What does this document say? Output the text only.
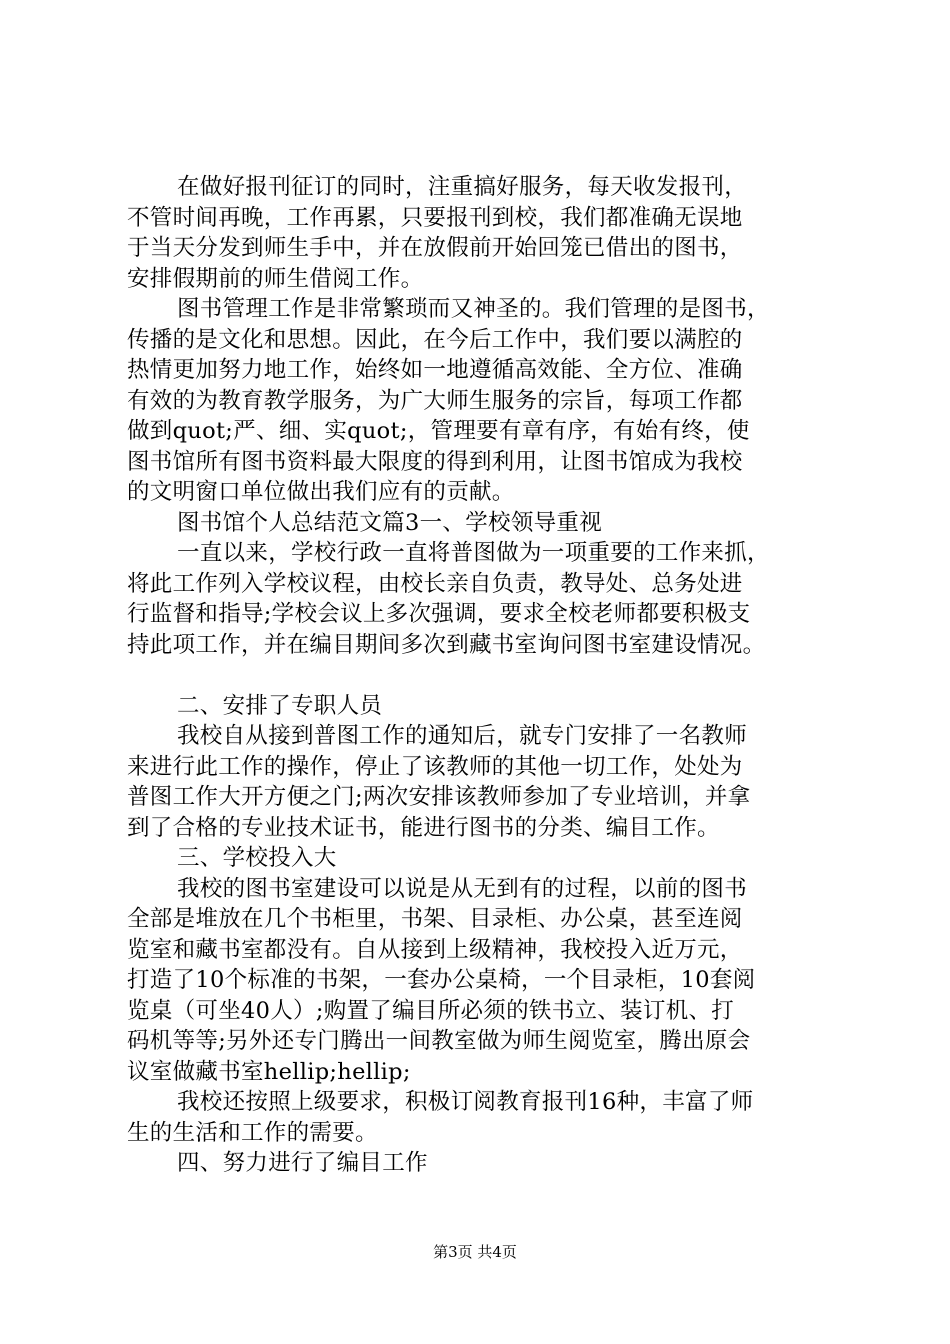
在做好报刊征订的同时，注重搞好服务，每天收发报刊，
不管时间再晚，工作再累，只要报刊到校，我们都准确无误地
于当天分发到师生手中，并在放假前开始回笼已借出的图书，
安排假期前的师生借阅工作。
图书管理工作是非常繁琐而又神圣的。我们管理的是图书，
传播的是文化和思想。因此，在今后工作中，我们要以满腔的
热情更加努力地工作，始终如一地遵循高效能、全方位、准确
有效的为教育教学服务，为广大师生服务的宗旨，每项工作都
做到quot;严、细、实quot;，管理要有章有序，有始有终，使
图书馆所有图书资料最大限度的得到利用，让图书馆成为我校
的文明窗口单位做出我们应有的贡献。
图书馆个人总结范文篇3一、学校领导重视
一直以来，学校行政一直将普图做为一项重要的工作来抓，
将此工作列入学校议程，由校长亲自负责，教导处、总务处进
行监督和指导;学校会议上多次强调，要求全校老师都要积极支
持此项工作，并在编目期间多次到藏书室询问图书室建设情况。
二、安排了专职人员
我校自从接到普图工作的通知后，就专门安排了一名教师
来进行此工作的操作，停止了该教师的其他一切工作，处处为
普图工作大开方便之门;两次安排该教师参加了专业培训，并拿
到了合格的专业技术证书，能进行图书的分类、编目工作。
三、学校投入大
我校的图书室建设可以说是从无到有的过程，以前的图书
全部是堆放在几个书柜里，书架、目录柜、办公桌，甚至连阅
览室和藏书室都没有。自从接到上级精神，我校投入近万元，
打造了10个标准的书架，一套办公桌椅，一个目录柜，10套阅
览桌（可坐40人）;购置了编目所必须的铁书立、装订机、打
码机等等;另外还专门腾出一间教室做为师生阅览室，腾出原会
议室做藏书室hellip;hellip;
我校还按照上级要求，积极订阅教育报刊16种，丰富了师
生的生活和工作的需要。
四、努力进行了编目工作
第3页 共4页
